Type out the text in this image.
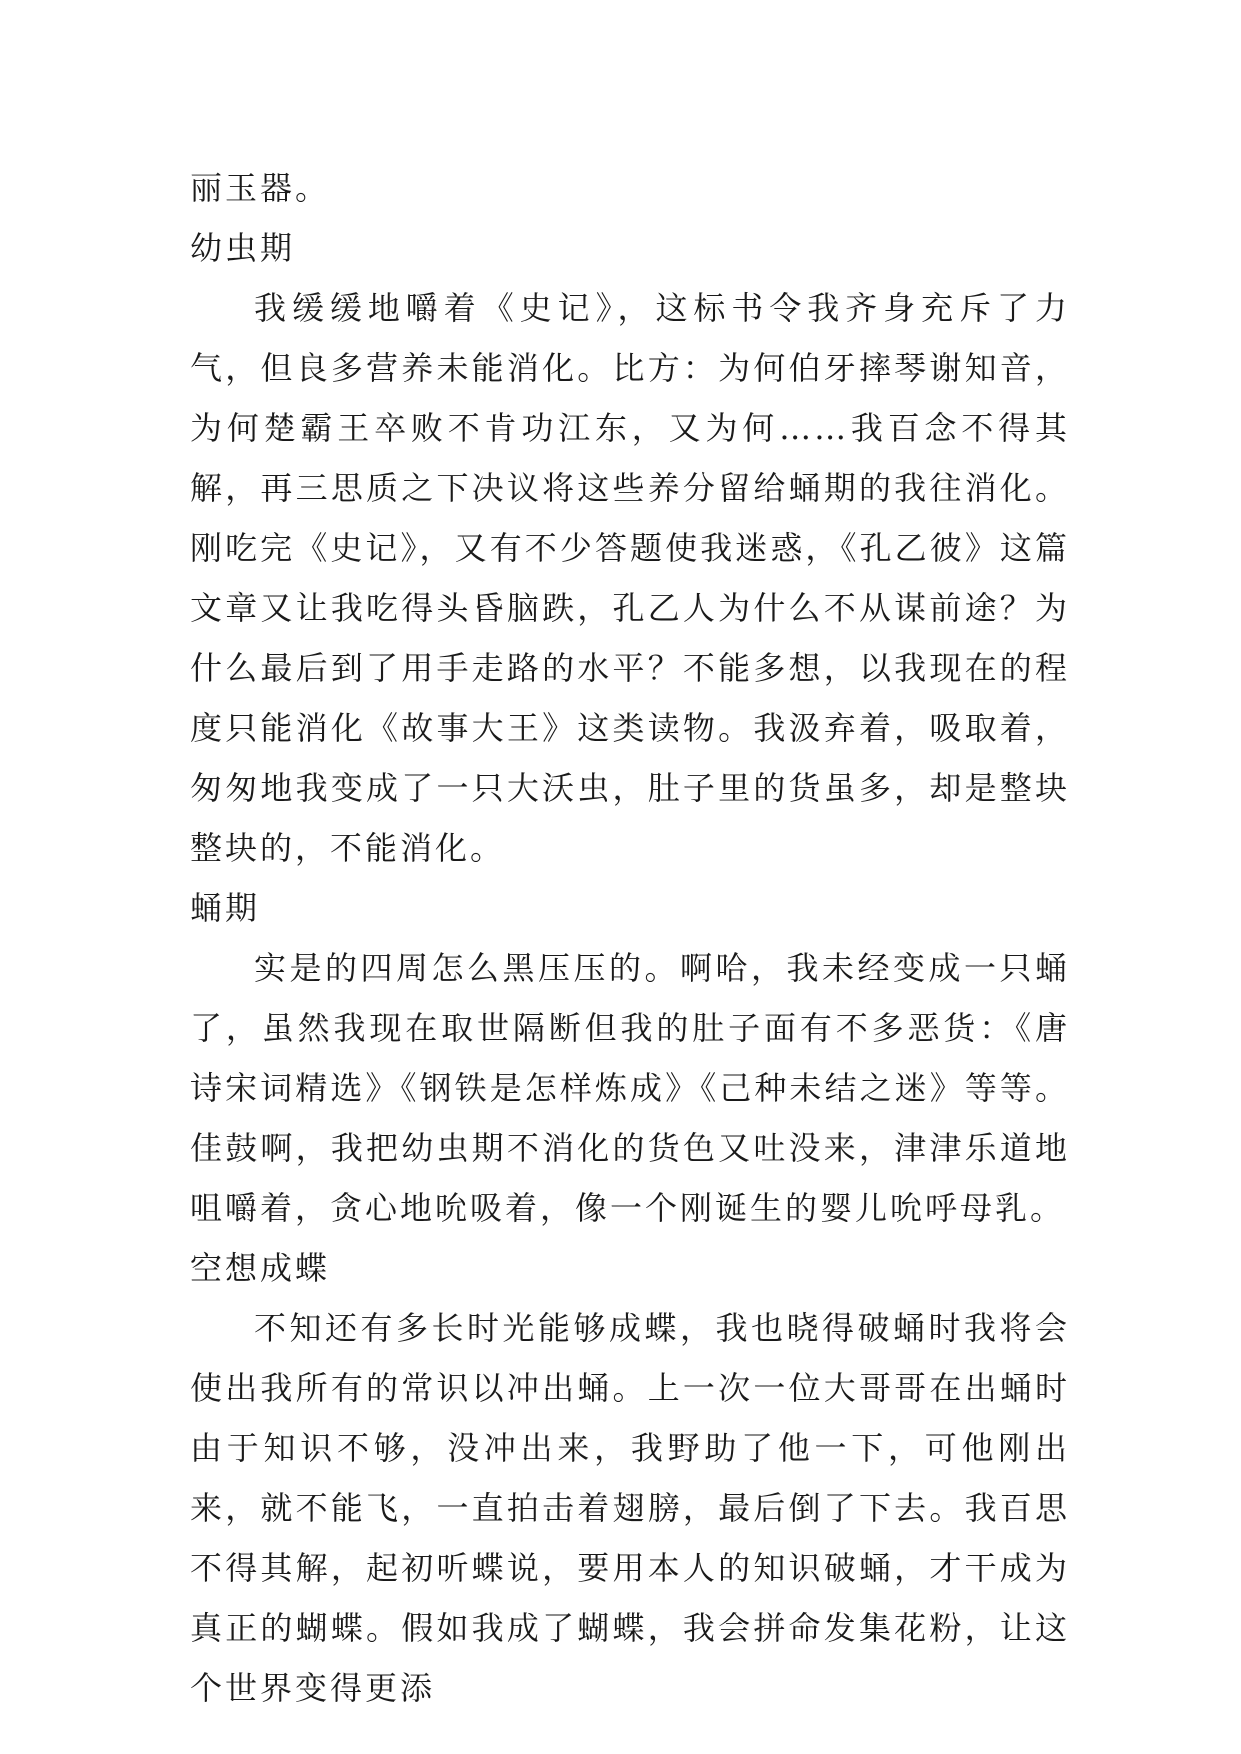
丽玉器。

幼虫期

我缓缓地嚼着《史记》，这标书令我齐身充斥了力气，但良多营养未能消化。比方：为何伯牙摔琴谢知音，为何楚霸王卒败不肯功江东，又为何……我百念不得其解，再三思质之下决议将这些养分留给蛹期的我往消化。刚吃完《史记》，又有不少答题使我迷惑，《孔乙彼》这篇文章又让我吃得头昏脑跌，孔乙人为什么不从谋前途？为什么最后到了用手走路的水平？不能多想，以我现在的程度只能消化《故事大王》这类读物。我汲弃着，吸取着，匆匆地我变成了一只大沃虫，肚子里的货虽多，却是整块整块的，不能消化。

蛹期

实是的四周怎么黑压压的。啊哈，我未经变成一只蛹了，虽然我现在取世隔断但我的肚子面有不多恶货：《唐诗宋词精选》《钢铁是怎样炼成》《己种未结之迷》等等。佳鼓啊，我把幼虫期不消化的货色又吐没来，津津乐道地咀嚼着，贪心地吮吸着，像一个刚诞生的婴儿吮呼母乳。

空想成蝶

不知还有多长时光能够成蝶，我也晓得破蛹时我将会使出我所有的常识以冲出蛹。上一次一位大哥哥在出蛹时由于知识不够，没冲出来，我野助了他一下，可他刚出来，就不能飞，一直拍击着翅膀，最后倒了下去。我百思不得其解，起初听蝶说，要用本人的知识破蛹，才干成为真正的蝴蝶。假如我成了蝴蝶，我会拼命发集花粉，让这个世界变得更添
